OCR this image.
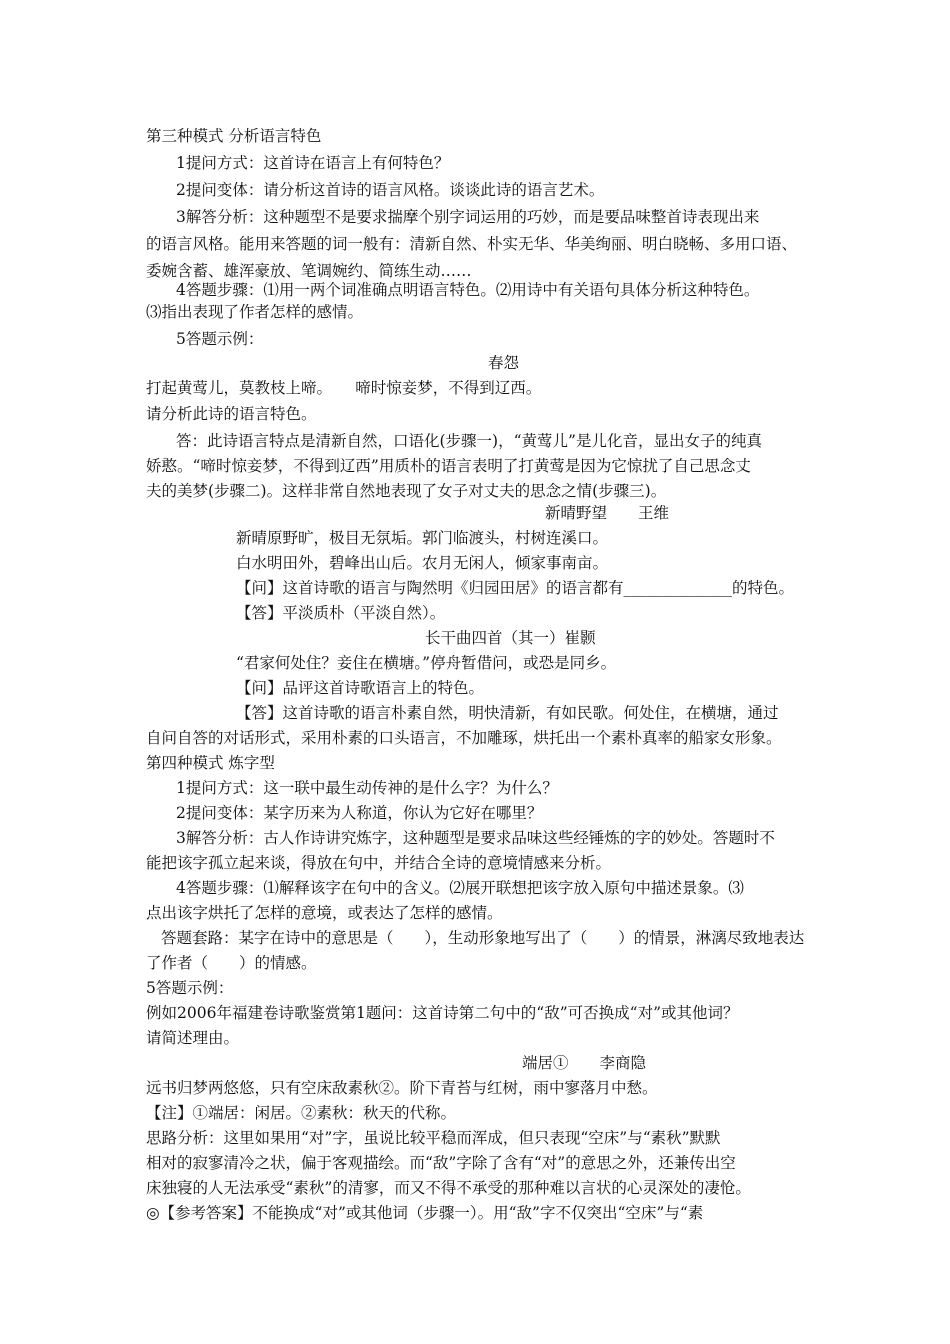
第三种模式 分析语言特色
1提问方式：这首诗在语言上有何特色？
2提问变体：请分析这首诗的语言风格。谈谈此诗的语言艺术。
3解答分析：这种题型不是要求揣摩个别字词运用的巧妙，而是要品味整首诗表现出来
的语言风格。能用来答题的词一般有：清新自然、朴实无华、华美绚丽、明白晓畅、多用口语、
委婉含蓄、雄浑豪放、笔调婉约、简练生动……
4答题步骤：⑴用一两个词准确点明语言特色。⑵用诗中有关语句具体分析这种特色。
⑶指出表现了作者怎样的感情。
5答题示例：
春怨
打起黄莺儿，莫教枝上啼。　　啼时惊妾梦，不得到辽西。
请分析此诗的语言特色。
答：此诗语言特点是清新自然，口语化(步骤一)，“黄莺儿”是儿化音，显出女子的纯真
娇憨。“啼时惊妾梦，不得到辽西”用质朴的语言表明了打黄莺是因为它惊扰了自己思念丈
夫的美梦(步骤二)。这样非常自然地表现了女子对丈夫的思念之情(步骤三)。
新晴野望　　王维
新晴原野旷，极目无氛垢。郭门临渡头，村树连溪口。
白水明田外，碧峰出山后。农月无闲人，倾家事南亩。
【问】这首诗歌的语言与陶然明《归园田居》的语言都有______________的特色。
【答】平淡质朴（平淡自然）。
长干曲四首（其一）崔颢
“君家何处住？妾住在横塘。”停舟暂借问，或恐是同乡。
【问】品评这首诗歌语言上的特色。
【答】这首诗歌的语言朴素自然，明快清新，有如民歌。何处住，在横塘，通过
自问自答的对话形式，采用朴素的口头语言，不加雕琢，烘托出一个素朴真率的船家女形象。
第四种模式 炼字型
1提问方式：这一联中最生动传神的是什么字？为什么？
2提问变体：某字历来为人称道，你认为它好在哪里？
3解答分析：古人作诗讲究炼字，这种题型是要求品味这些经锤炼的字的妙处。答题时不
能把该字孤立起来谈，得放在句中，并结合全诗的意境情感来分析。
4答题步骤：⑴解释该字在句中的含义。⑵展开联想把该字放入原句中描述景象。⑶
点出该字烘托了怎样的意境，或表达了怎样的感情。
答题套路：某字在诗中的意思是（　　），生动形象地写出了（　　）的情景，淋漓尽致地表达
了作者（　　）的情感。
5答题示例：
例如2006年福建卷诗歌鉴赏第1题问：这首诗第二句中的“敌”可否换成“对”或其他词？
请简述理由。
端居①　　李商隐
远书归梦两悠悠，只有空床敌素秋②。阶下青苔与红树，雨中寥落月中愁。
【注】①端居：闲居。②素秋：秋天的代称。
思路分析：这里如果用“对”字，虽说比较平稳而浑成，但只表现“空床”与“素秋”默默
相对的寂寥清冷之状，偏于客观描绘。而“敌”字除了含有“对”的意思之外，还兼传出空
床独寝的人无法承受“素秋”的清寥，而又不得不承受的那种难以言状的心灵深处的凄怆。
◎【参考答案】不能换成“对”或其他词（步骤一）。用“敌”字不仅突出“空床”与“素
